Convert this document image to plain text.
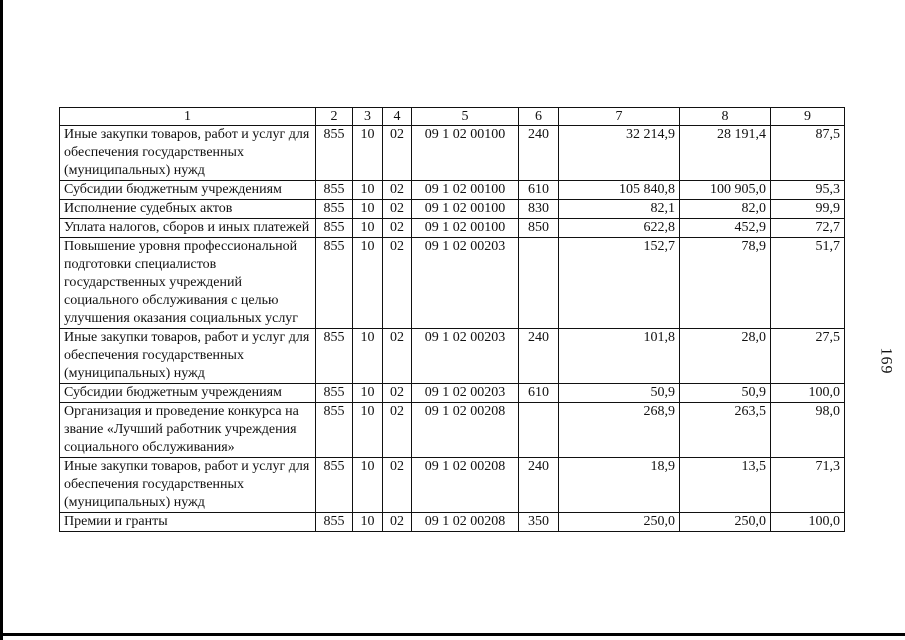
1	2	3	4	5	6	7	8	9
Иные закупки товаров, работ и услуг для обеспечения государственных (муниципальных) нужд	855	10	02	09 1 02 00100	240	32 214,9	28 191,4	87,5
Субсидии бюджетным учреждениям	855	10	02	09 1 02 00100	610	105 840,8	100 905,0	95,3
Исполнение судебных актов	855	10	02	09 1 02 00100	830	82,1	82,0	99,9
Уплата налогов, сборов и иных платежей	855	10	02	09 1 02 00100	850	622,8	452,9	72,7
Повышение уровня профессиональной подготовки специалистов государственных учреждений социального обслуживания с целью улучшения оказания социальных услуг	855	10	02	09 1 02 00203		152,7	78,9	51,7
Иные закупки товаров, работ и услуг для обеспечения государственных (муниципальных) нужд	855	10	02	09 1 02 00203	240	101,8	28,0	27,5
Субсидии бюджетным учреждениям	855	10	02	09 1 02 00203	610	50,9	50,9	100,0
Организация и проведение конкурса на звание «Лучший работник учреждения социального обслуживания»	855	10	02	09 1 02 00208		268,9	263,5	98,0
Иные закупки товаров, работ и услуг для обеспечения государственных (муниципальных) нужд	855	10	02	09 1 02 00208	240	18,9	13,5	71,3
Премии и гранты	855	10	02	09 1 02 00208	350	250,0	250,0	100,0
169
